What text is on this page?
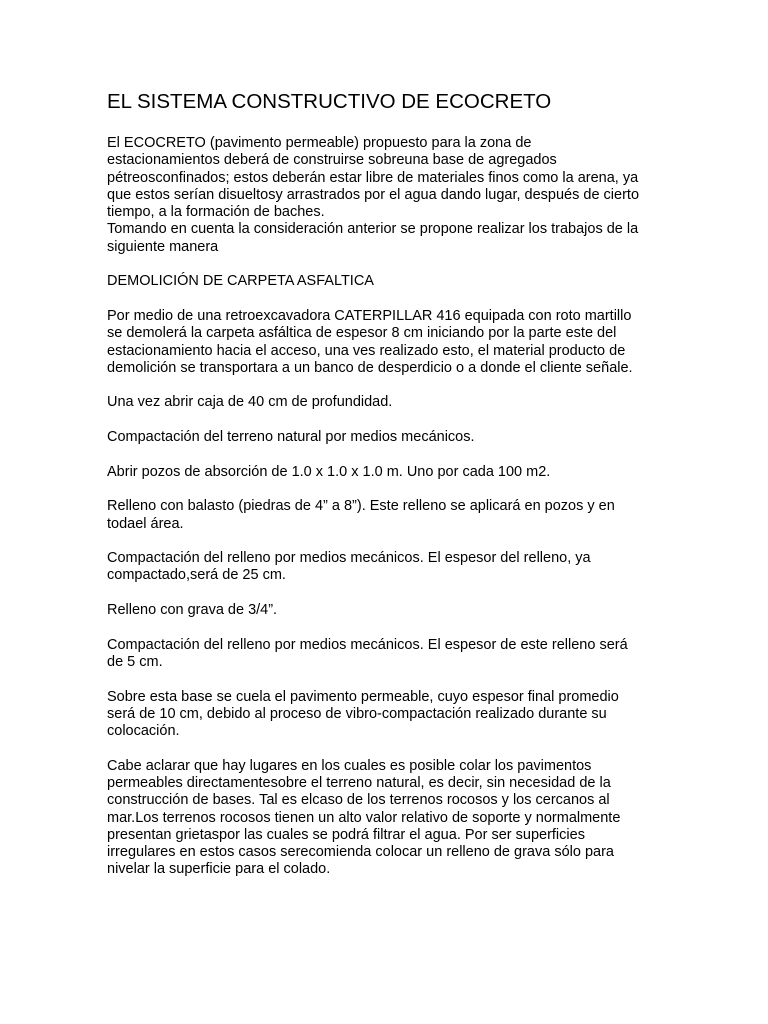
EL SISTEMA CONSTRUCTIVO DE ECOCRETO

El ECOCRETO (pavimento permeable) propuesto para la zona de
estacionamientos deberá de construirse sobreuna base de agregados
pétreosconfinados; estos deberán estar libre de materiales finos como la arena, ya
que estos serían disueltosy arrastrados por el agua dando lugar, después de cierto
tiempo, a la formación de baches.
Tomando en cuenta la consideración anterior se propone realizar los trabajos de la
siguiente manera

DEMOLICIÓN DE CARPETA ASFALTICA

Por medio de una retroexcavadora CATERPILLAR 416 equipada con roto martillo
se demolerá la carpeta asfáltica de espesor 8 cm iniciando por la parte este del
estacionamiento hacia el acceso, una ves realizado esto, el material producto de
demolición se transportara a un banco de desperdicio o a donde el cliente señale.

Una vez abrir caja de 40 cm de profundidad.

Compactación del terreno natural por medios mecánicos.

Abrir pozos de absorción de 1.0 x 1.0 x 1.0 m. Uno por cada 100 m2.

Relleno con balasto (piedras de 4” a 8”). Este relleno se aplicará en pozos y en
todael área.

Compactación del relleno por medios mecánicos. El espesor del relleno, ya
compactado,será de 25 cm.

Relleno con grava de 3/4”.

Compactación del relleno por medios mecánicos. El espesor de este relleno será
de 5 cm.

Sobre esta base se cuela el pavimento permeable, cuyo espesor final promedio
será de 10 cm, debido al proceso de vibro-compactación realizado durante su
colocación.

Cabe aclarar que hay lugares en los cuales es posible colar los pavimentos
permeables directamentesobre el terreno natural, es decir, sin necesidad de la
construcción de bases. Tal es elcaso de los terrenos rocosos y los cercanos al
mar.Los terrenos rocosos tienen un alto valor relativo de soporte y normalmente
presentan grietaspor las cuales se podrá filtrar el agua. Por ser superficies
irregulares en estos casos serecomienda colocar un relleno de grava sólo para
nivelar la superficie para el colado.
